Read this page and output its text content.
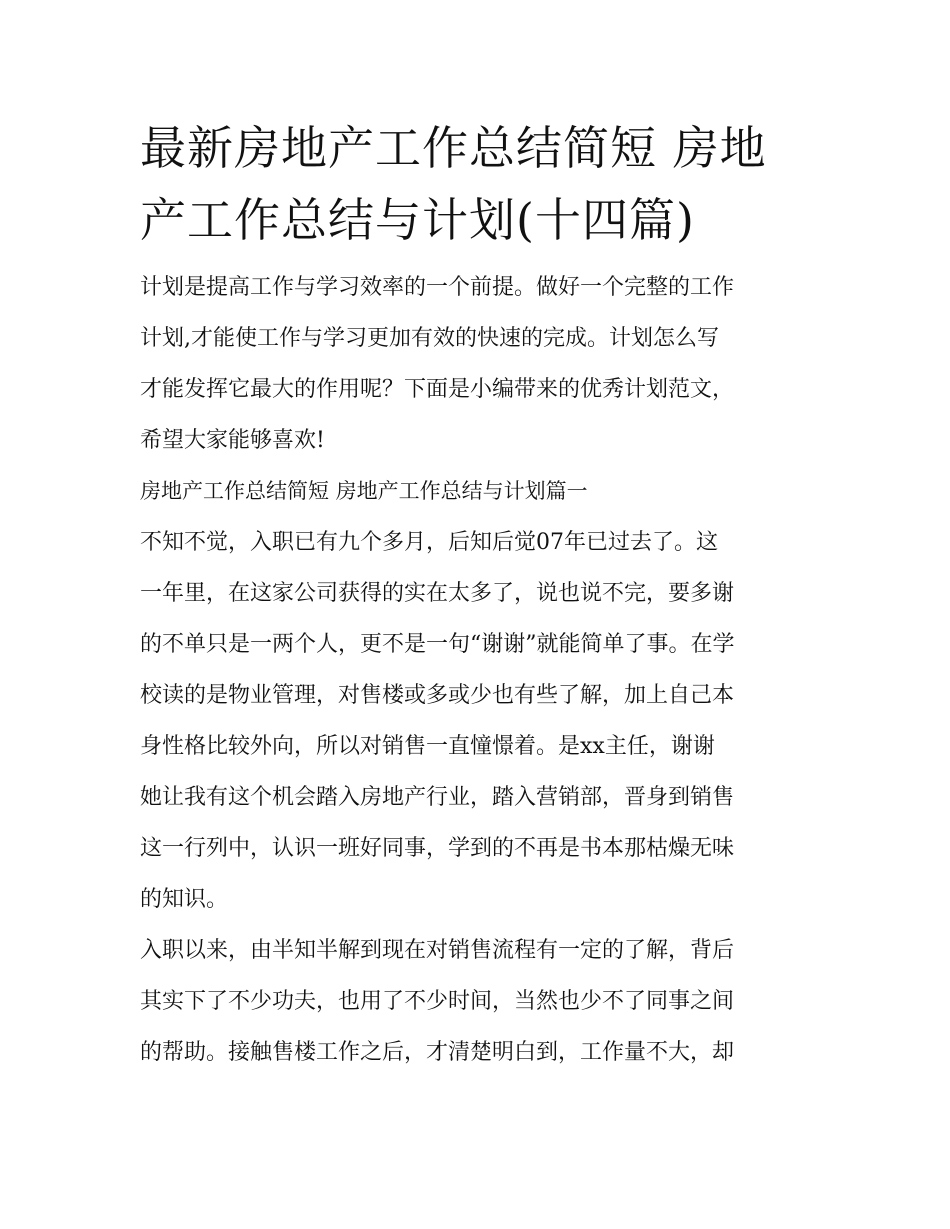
最新房地产工作总结简短 房地
产工作总结与计划(十四篇)

计划是提高工作与学习效率的一个前提。做好一个完整的工作
计划,才能使工作与学习更加有效的快速的完成。计划怎么写
才能发挥它最大的作用呢？下面是小编带来的优秀计划范文，
希望大家能够喜欢!

房地产工作总结简短 房地产工作总结与计划篇一

不知不觉，入职已有九个多月，后知后觉07年已过去了。这
一年里，在这家公司获得的实在太多了，说也说不完，要多谢
的不单只是一两个人，更不是一句“谢谢”就能简单了事。在学
校读的是物业管理，对售楼或多或少也有些了解，加上自己本
身性格比较外向，所以对销售一直憧憬着。是xx主任，谢谢
她让我有这个机会踏入房地产行业，踏入营销部，晋身到销售
这一行列中，认识一班好同事，学到的不再是书本那枯燥无味
的知识。

入职以来，由半知半解到现在对销售流程有一定的了解，背后
其实下了不少功夫，也用了不少时间，当然也少不了同事之间
的帮助。接触售楼工作之后，才清楚明白到，工作量不大，却
